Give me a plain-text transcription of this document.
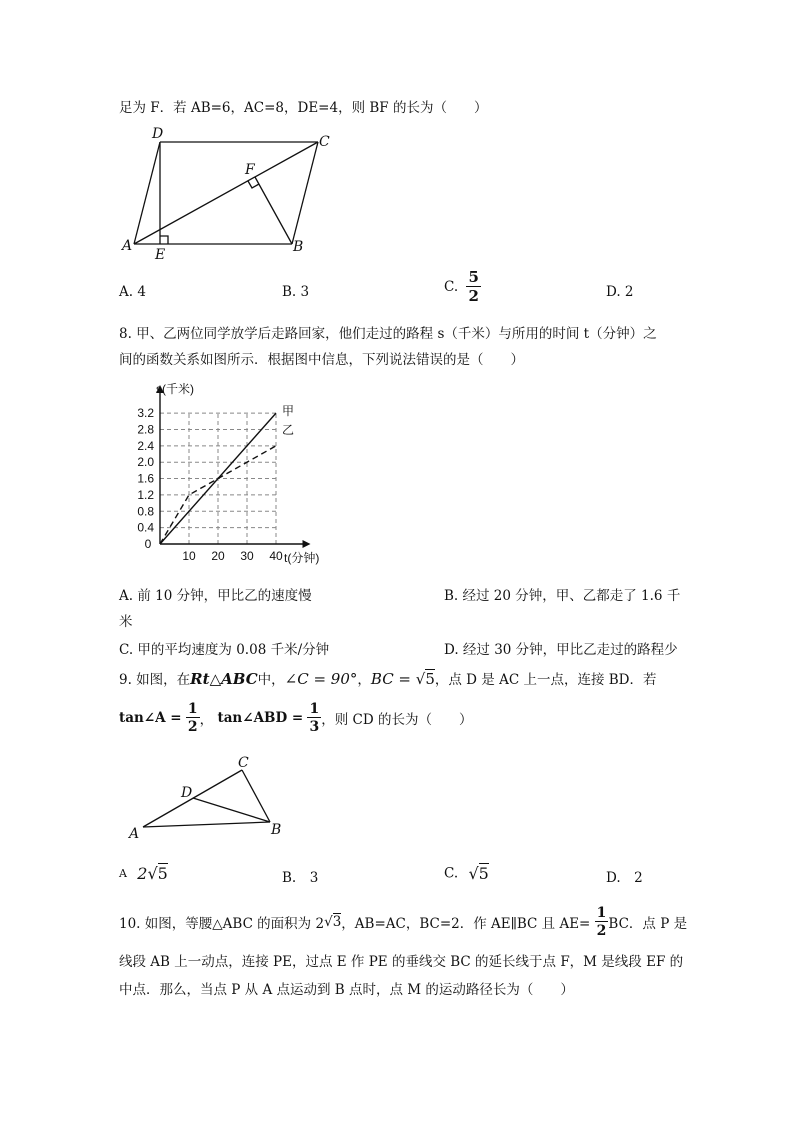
足为 F．若 AB=6，AC=8，DE=4，则 BF 的长为（　　）
D	C
F
A	B
E
A. 4	B. 3	C. $\frac{5}{2}$	D. 2
8. 甲、乙两位同学放学后走路回家，他们走过的路程 s（千米）与所用的时间 t（分钟）之
间的函数关系如图所示．根据图中信息，下列说法错误的是（　　）
0.4
0.8
1.2
1.6
2.0
2.4
2.8
3.2
10 20 30 40
0
t(分钟)
s(千米)
甲
乙
A. 前 10 分钟，甲比乙的速度慢	B. 经过 20 分钟，甲、乙都走了 1.6 千
米
C. 甲的平均速度为 0.08 千米/分钟	D. 经过 30 分钟，甲比乙走过的路程少
9. 如图，在Rt△ABC中，∠C = 90°，BC = √5，点 D 是 AC 上一点，连接 BD．若
tan∠A = $\frac{1}{2}$ ， tan∠ABD = $\frac{1}{3}$ ，则 CD 的长为（　　）
C
D
A	B
A 2√5	B.　3	C. √5	D.　2
10. 如图，等腰△ABC 的面积为 2√3，AB=AC，BC=2．作 AE∥BC 且 $AE= \frac{1}{2}$ BC．点 P 是
线段 AB 上一动点，连接 PE，过点 E 作 PE 的垂线交 BC 的延长线于点 F，M 是线段 EF 的
中点．那么，当点 P 从 A 点运动到 B 点时，点 M 的运动路径长为（　　）
